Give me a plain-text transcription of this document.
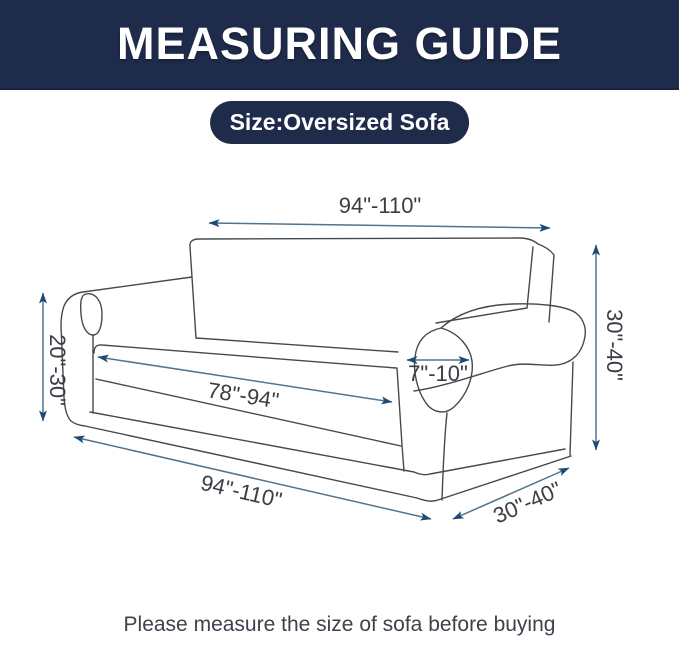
MEASURING GUIDE
Size:Oversized Sofa
94"-110"
20"-30"	30"-40"
78"-94"
7"-10"
94"-110"	30"-40"
Please measure the size of sofa before buying
